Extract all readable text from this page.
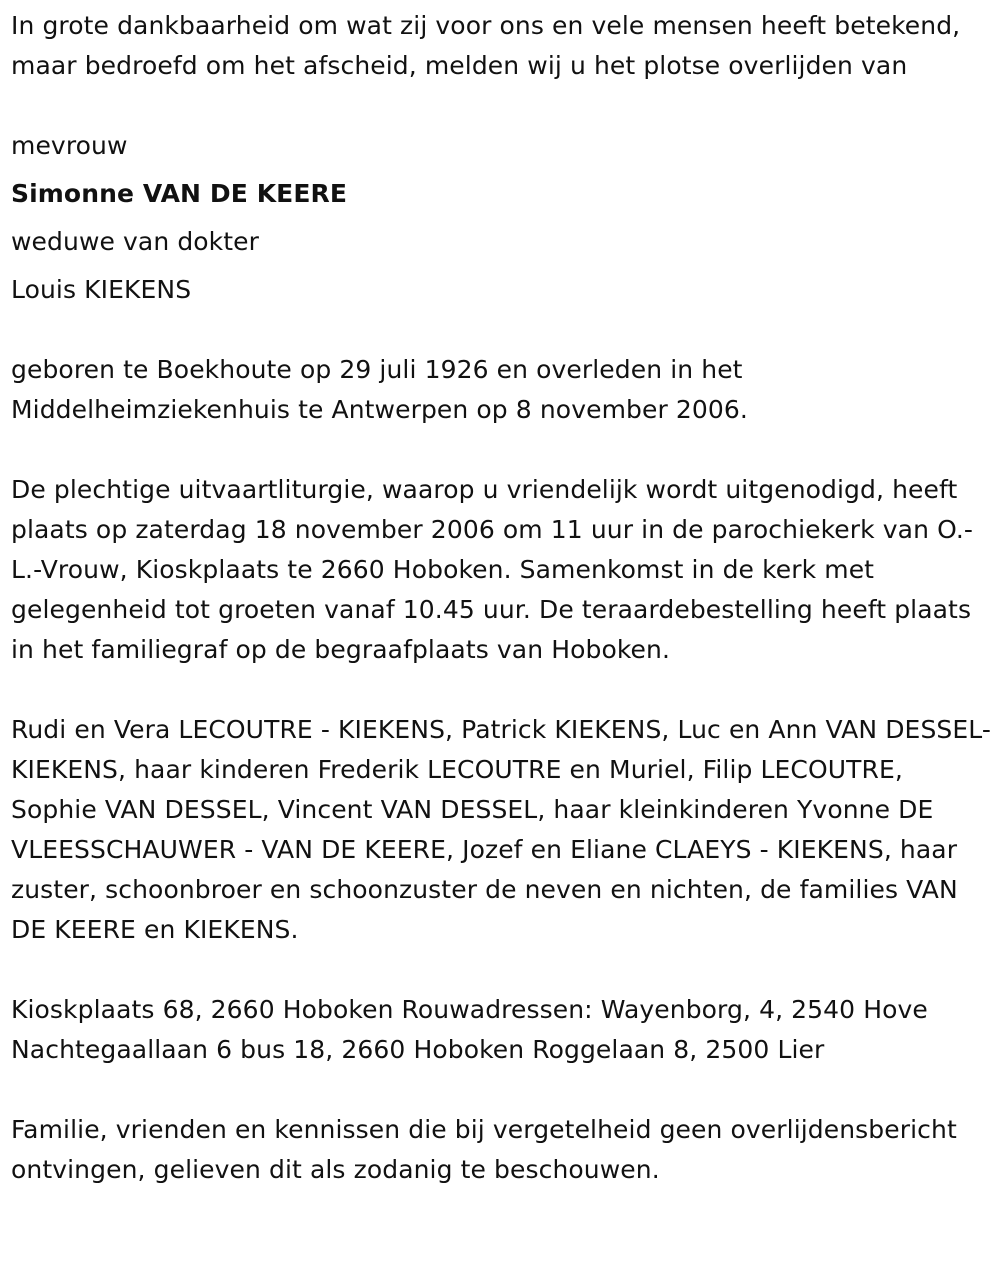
In grote dankbaarheid om wat zij voor ons en vele mensen heeft betekend, maar bedroefd om het afscheid, melden wij u het plotse overlijden van

mevrouw

Simonne VAN DE KEERE

weduwe van dokter

Louis KIEKENS

geboren te Boekhoute op 29 juli 1926 en overleden in het Middelheimziekenhuis te Antwerpen op 8 november 2006.

De plechtige uitvaartliturgie, waarop u vriendelijk wordt uitgenodigd, heeft plaats op zaterdag 18 november 2006 om 11 uur in de parochiekerk van O.-L.-Vrouw, Kioskplaats te 2660 Hoboken. Samenkomst in de kerk met gelegenheid tot groeten vanaf 10.45 uur. De teraardebestelling heeft plaats in het familiegraf op de begraafplaats van Hoboken.

Rudi en Vera LECOUTRE - KIEKENS, Patrick KIEKENS, Luc en Ann VAN DESSEL- KIEKENS, haar kinderen Frederik LECOUTRE en Muriel, Filip LECOUTRE, Sophie VAN DESSEL, Vincent VAN DESSEL, haar kleinkinderen Yvonne DE VLEESSCHAUWER - VAN DE KEERE, Jozef en Eliane CLAEYS - KIEKENS, haar zuster, schoonbroer en schoonzuster de neven en nichten, de families VAN DE KEERE en KIEKENS.

Kioskplaats 68, 2660 Hoboken Rouwadressen: Wayenborg, 4, 2540 Hove Nachtegaallaan 6 bus 18, 2660 Hoboken Roggelaan 8, 2500 Lier

Familie, vrienden en kennissen die bij vergetelheid geen overlijdensbericht ontvingen, gelieven dit als zodanig te beschouwen.
